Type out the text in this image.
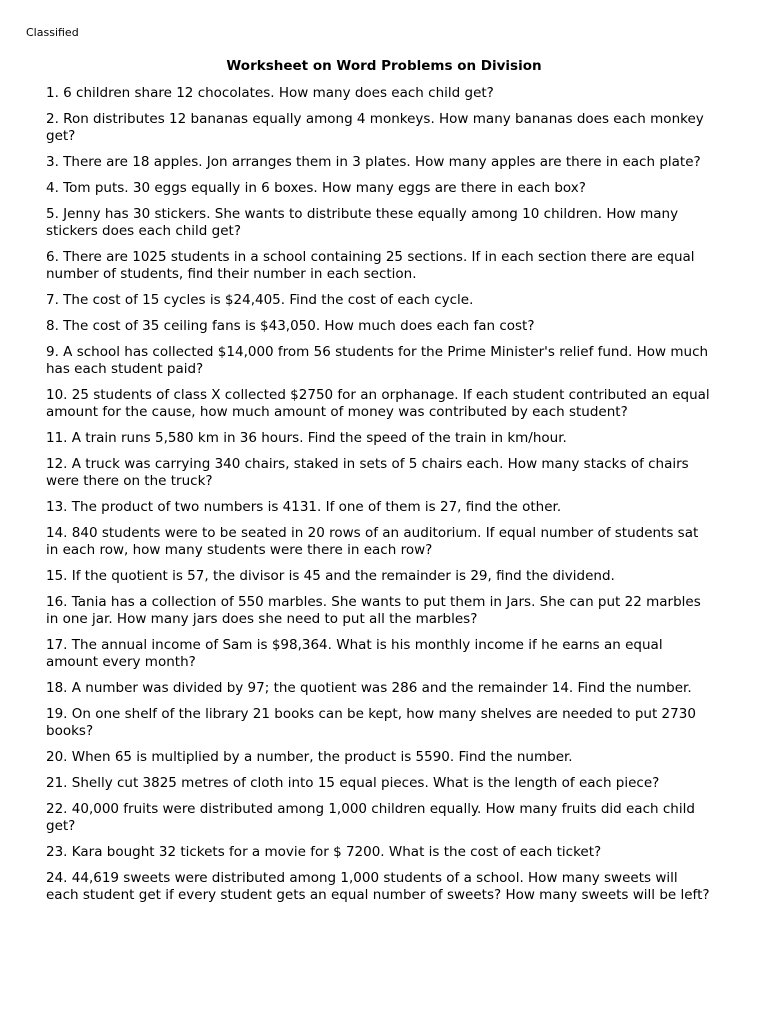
Classified
Worksheet on Word Problems on Division
1. 6 children share 12 chocolates. How many does each child get?
2. Ron distributes 12 bananas equally among 4 monkeys. How many bananas does each monkey get?
3. There are 18 apples. Jon arranges them in 3 plates. How many apples are there in each plate?
4. Tom puts. 30 eggs equally in 6 boxes. How many eggs are there in each box?
5. Jenny has 30 stickers. She wants to distribute these equally among 10 children. How many stickers does each child get?
6. There are 1025 students in a school containing 25 sections. If in each section there are equal number of students, find their number in each section.
7. The cost of 15 cycles is $24,405. Find the cost of each cycle.
8. The cost of 35 ceiling fans is $43,050. How much does each fan cost?
9. A school has collected $14,000 from 56 students for the Prime Minister's relief fund. How much has each student paid?
10. 25 students of class X collected $2750 for an orphanage. If each student contributed an equal amount for the cause, how much amount of money was contributed by each student?
11. A train runs 5,580 km in 36 hours. Find the speed of the train in km/hour.
12. A truck was carrying 340 chairs, staked in sets of 5 chairs each. How many stacks of chairs were there on the truck?
13. The product of two numbers is 4131. If one of them is 27, find the other.
14. 840 students were to be seated in 20 rows of an auditorium. If equal number of students sat in each row, how many students were there in each row?
15. If the quotient is 57, the divisor is 45 and the remainder is 29, find the dividend.
16. Tania has a collection of 550 marbles. She wants to put them in Jars. She can put 22 marbles in one jar. How many jars does she need to put all the marbles?
17. The annual income of Sam is $98,364. What is his monthly income if he earns an equal amount every month?
18. A number was divided by 97; the quotient was 286 and the remainder 14. Find the number.
19. On one shelf of the library 21 books can be kept, how many shelves are needed to put 2730 books?
20. When 65 is multiplied by a number, the product is 5590. Find the number.
21. Shelly cut 3825 metres of cloth into 15 equal pieces. What is the length of each piece?
22. 40,000 fruits were distributed among 1,000 children equally. How many fruits did each child get?
23. Kara bought 32 tickets for a movie for $ 7200. What is the cost of each ticket?
24. 44,619 sweets were distributed among 1,000 students of a school. How many sweets will each student get if every student gets an equal number of sweets? How many sweets will be left?
